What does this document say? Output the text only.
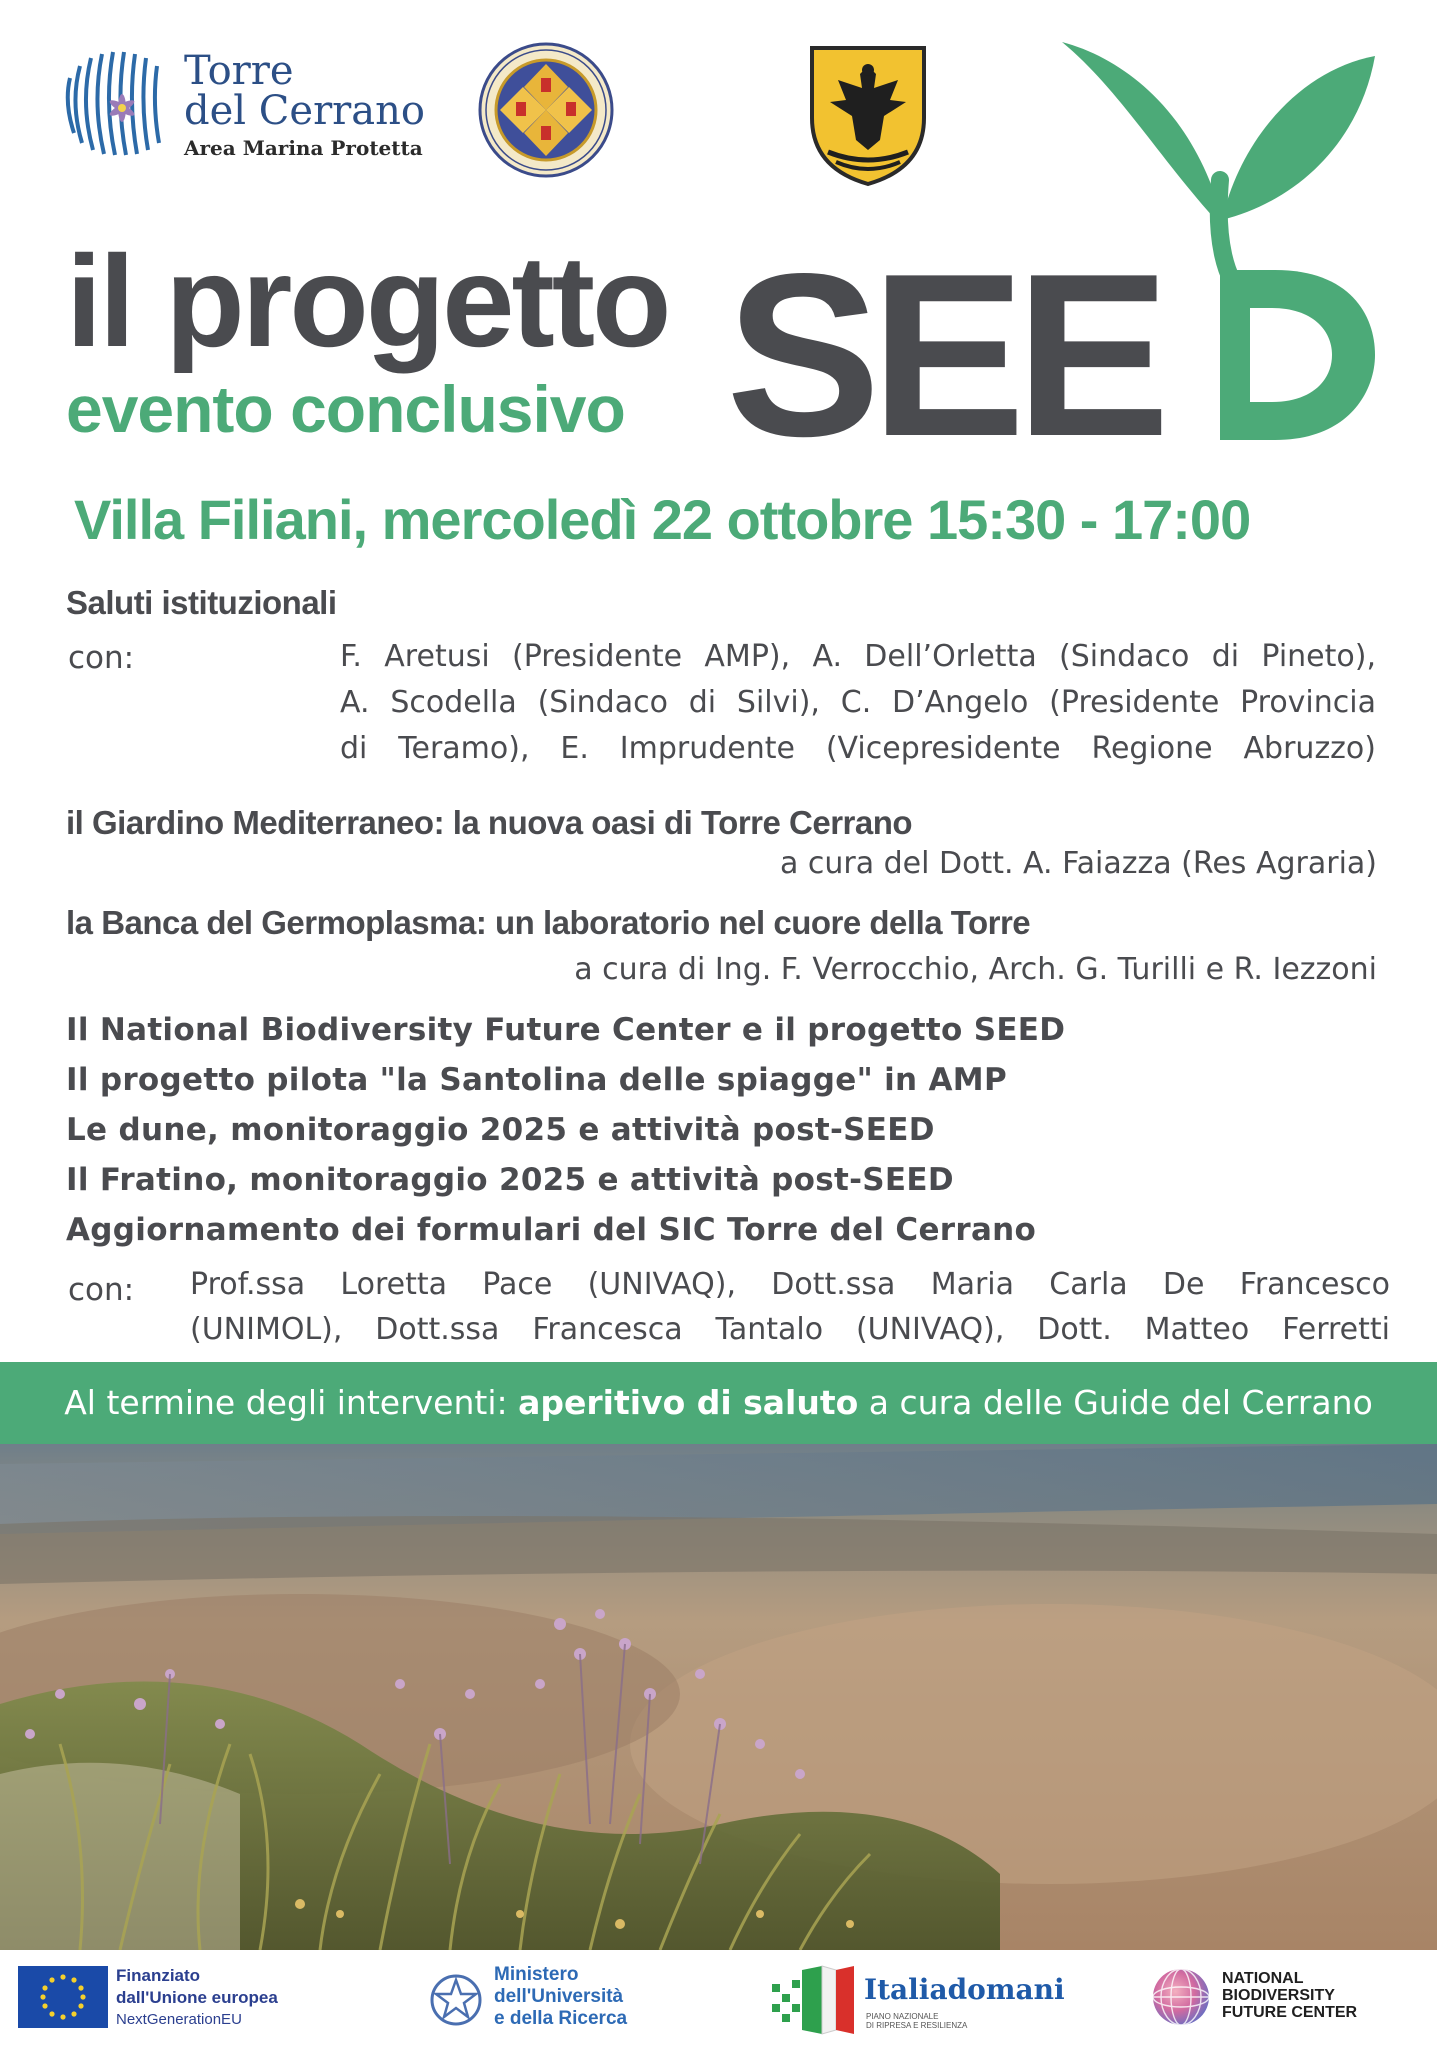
Torre
del Cerrano
Area Marina Protetta
il progetto
evento conclusivo SEE
Villa Filiani, mercoledì 22 ottobre 15:30 - 17:00
Saluti istituzionali
con:	F. Aretusi (Presidente AMP), A. Dell’Orletta (Sindaco di Pineto),
A. Scodella (Sindaco di Silvi), C. D’Angelo (Presidente Provincia
di Teramo), E. Imprudente (Vicepresidente Regione Abruzzo)
il Giardino Mediterraneo: la nuova oasi di Torre Cerrano
a cura del Dott. A. Faiazza (Res Agraria)
la Banca del Germoplasma: un laboratorio nel cuore della Torre
a cura di Ing. F. Verrocchio, Arch. G. Turilli e R. Iezzoni
Il National Biodiversity Future Center e il progetto SEED
Il progetto pilota "la Santolina delle spiagge" in AMP
Le dune, monitoraggio 2025 e attività post-SEED
Il Fratino, monitoraggio 2025 e attività post-SEED
Aggiornamento dei formulari del SIC Torre del Cerrano
con: Prof.ssa Loretta Pace (UNIVAQ), Dott.ssa Maria Carla De Francesco
(UNIMOL), Dott.ssa Francesca Tantalo (UNIVAQ), Dott. Matteo Ferretti
Al termine degli interventi: aperitivo di saluto a cura delle Guide del Cerrano
Finanziato
dall'Unione europea
NextGenerationEU
Ministero
dell'Università
e della Ricerca
Italiadomani
PIANO NAZIONALE
DI RIPRESA E RESILIENZA
NATIONAL
BIODIVERSITY
FUTURE CENTER
